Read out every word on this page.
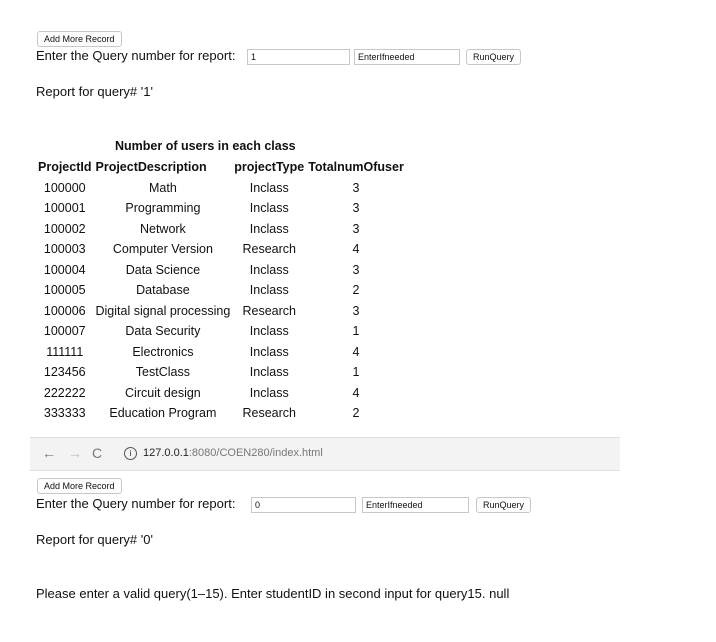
Add More Record
Enter the Query number for report:	1	EnterIfneeded	RunQuery
Report for query# '1'
Number of users in each class
ProjectId	ProjectDescription	projectType	TotalnumOfuser
100000	Math	Inclass	3
100001	Programming	Inclass	3
100002	Network	Inclass	3
100003	Computer Version	Research	4
100004	Data Science	Inclass	3
100005	Database	Inclass	2
100006	Digital signal processing	Research	3
100007	Data Security	Inclass	1
111111	Electronics	Inclass	4
123456	TestClass	Inclass	1
222222	Circuit design	Inclass	4
333333	Education Program	Research	2
← → C	i 127.0.0.1:8080/COEN280/index.html
Add More Record
Enter the Query number for report:	0	EnterIfneeded	RunQuery
Report for query# '0'
Please enter a valid query(1–15). Enter studentID in second input for query15. null
